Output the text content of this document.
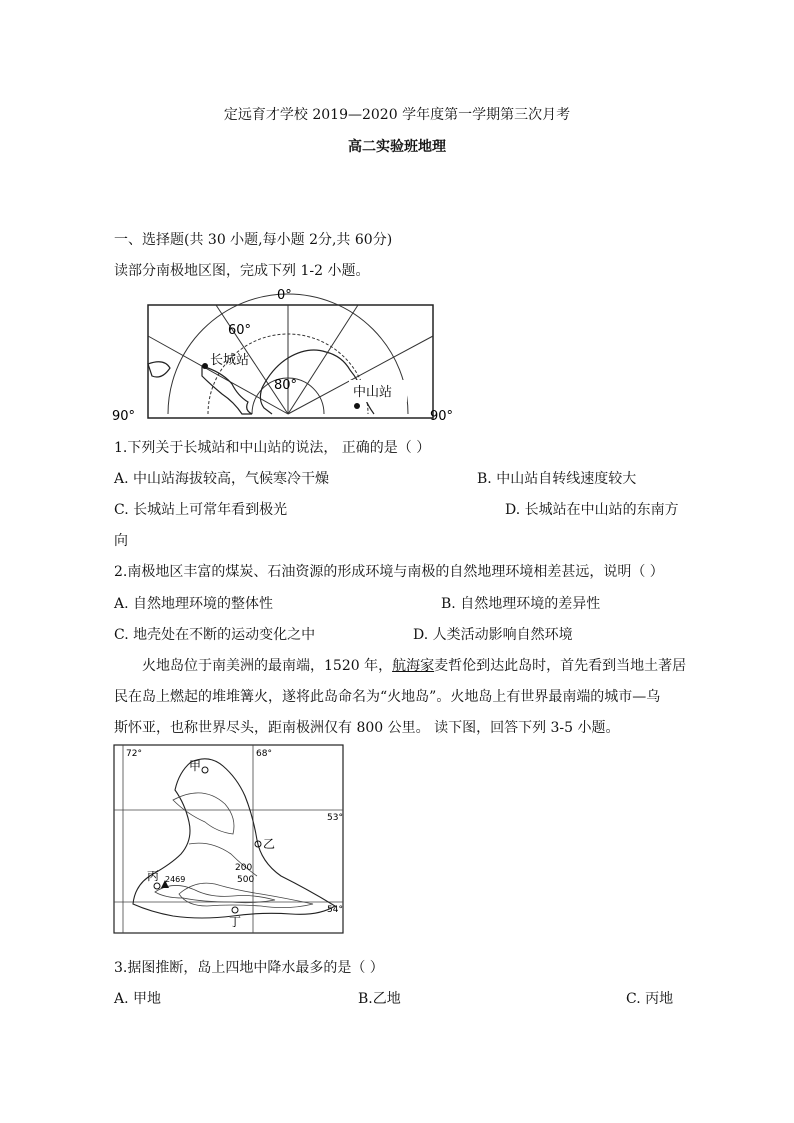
定远育才学校 2019—2020 学年度第一学期第三次月考
高二实验班地理
一、选择题(共 30 小题,每小题 2分,共 60分)
读部分南极地区图，完成下列 1-2 小题。
0°
60°
80°
90°	90°
长城站
中山站
1.下列关于长城站和中山站的说法， 正确的是（ ）
A. 中山站海拔较高，气候寒冷干燥	B. 中山站自转线速度较大
C. 长城站上可常年看到极光	D. 长城站在中山站的东南方
向
2.南极地区丰富的煤炭、石油资源的形成环境与南极的自然地理环境相差甚远，说明（ ）
A. 自然地理环境的整体性	B. 自然地理环境的差异性
C. 地壳处在不断的运动变化之中	D. 人类活动影响自然环境
火地岛位于南美洲的最南端，1520 年，航海家麦哲伦到达此岛时，首先看到当地土著居
民在岛上燃起的堆堆篝火，遂将此岛命名为“火地岛”。火地岛上有世界最南端的城市—乌
斯怀亚，也称世界尽头，距南极洲仅有 800 公里。 读下图，回答下列 3-5 小题。
72°	68°
53°
54°
甲
乙
丙
丁
200
500
2469
3.据图推断，岛上四地中降水最多的是（ ）
A. 甲地	B.乙地	C. 丙地
